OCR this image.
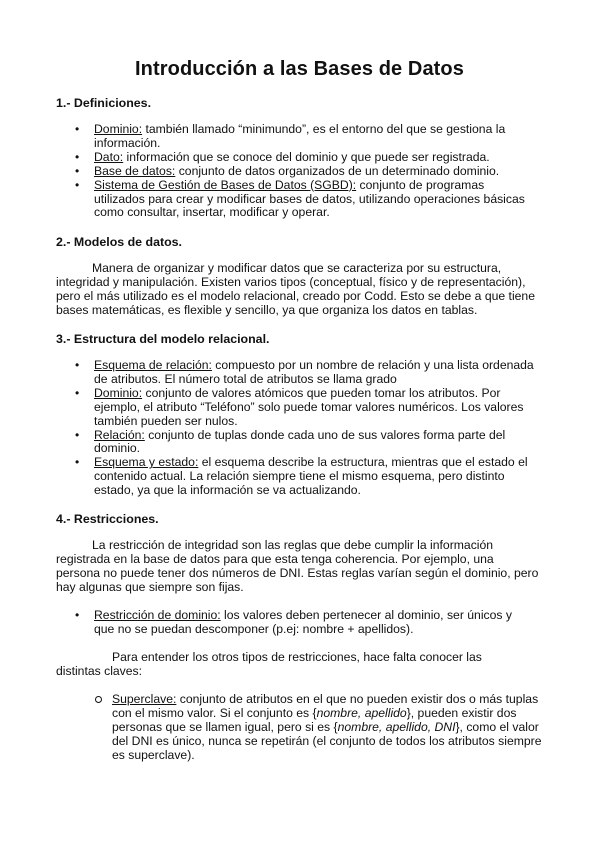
Introducción a las Bases de Datos
1.- Definiciones.
• Dominio: también llamado “minimundo”, es el entorno del que se gestiona la información.
• Dato: información que se conoce del dominio y que puede ser registrada.
• Base de datos: conjunto de datos organizados de un determinado dominio.
• Sistema de Gestión de Bases de Datos (SGBD): conjunto de programas utilizados para crear y modificar bases de datos, utilizando operaciones básicas como consultar, insertar, modificar y operar.
2.- Modelos de datos.

Manera de organizar y modificar datos que se caracteriza por su estructura, integridad y manipulación. Existen varios tipos (conceptual, físico y de representación), pero el más utilizado es el modelo relacional, creado por Codd. Esto se debe a que tiene bases matemáticas, es flexible y sencillo, ya que organiza los datos en tablas.

3.- Estructura del modelo relacional.
• Esquema de relación: compuesto por un nombre de relación y una lista ordenada de atributos. El número total de atributos se llama grado
• Dominio: conjunto de valores atómicos que pueden tomar los atributos. Por ejemplo, el atributo “Teléfono” solo puede tomar valores numéricos. Los valores también pueden ser nulos.
• Relación: conjunto de tuplas donde cada uno de sus valores forma parte del dominio.
• Esquema y estado: el esquema describe la estructura, mientras que el estado el contenido actual. La relación siempre tiene el mismo esquema, pero distinto estado, ya que la información se va actualizando.
4.- Restricciones.

La restricción de integridad son las reglas que debe cumplir la información registrada en la base de datos para que esta tenga coherencia. Por ejemplo, una persona no puede tener dos números de DNI. Estas reglas varían según el dominio, pero hay algunas que siempre son fijas.

• Restricción de dominio: los valores deben pertenecer al dominio, ser únicos y que no se puedan descomponer (p.ej: nombre + apellidos).

Para entender los otros tipos de restricciones, hace falta conocer las distintas claves:

Superclave: conjunto de atributos en el que no pueden existir dos o más tuplas con el mismo valor. Si el conjunto es {nombre, apellido}, pueden existir dos personas que se llamen igual, pero si es {nombre, apellido, DNI}, como el valor del DNI es único, nunca se repetirán (el conjunto de todos los atributos siempre es superclave).
